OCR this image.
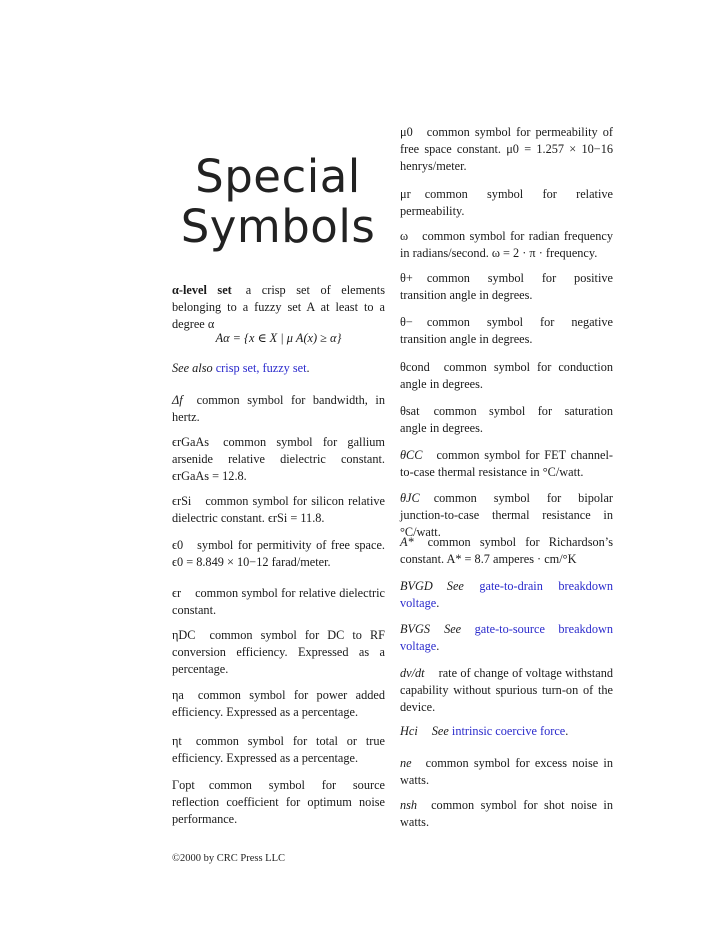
Special
Symbols
α-level set a crisp set of elements belonging to a fuzzy set A at least to a degree α
Aα = {x ∈ X | μ A(x) ≥ α}
See also crisp set, fuzzy set.
Δf common symbol for bandwidth, in hertz.
ϵrGaAs common symbol for gallium arsenide relative dielectric constant. ϵrGaAs = 12.8.
ϵrSi common symbol for silicon relative dielectric constant. ϵrSi = 11.8.
ϵ0 symbol for permitivity of free space. ϵ0 = 8.849 × 10−12 farad/meter.
ϵr common symbol for relative dielectric constant.
ηDC common symbol for DC to RF conversion efficiency. Expressed as a percentage.
ηa common symbol for power added efficiency. Expressed as a percentage.
ηt common symbol for total or true efficiency. Expressed as a percentage.
Γopt common symbol for source reflection coefficient for optimum noise performance.
μ0 common symbol for permeability of free space constant. μ0 = 1.257 × 10−16 henrys/meter.
μr common symbol for relative permeability.
ω common symbol for radian frequency in radians/second. ω = 2 · π · frequency.
θ+ common symbol for positive transition angle in degrees.
θ− common symbol for negative transition angle in degrees.
θcond common symbol for conduction angle in degrees.
θsat common symbol for saturation angle in degrees.
θCC common symbol for FET channel-to-case thermal resistance in °C/watt.
θJC common symbol for bipolar junction-to-case thermal resistance in °C/watt.
A* common symbol for Richardson’s constant. A* = 8.7 amperes · cm/°K
BVGD See gate-to-drain breakdown voltage.
BVGS See gate-to-source breakdown voltage.
dv/dt rate of change of voltage withstand capability without spurious turn-on of the device.
Hci See intrinsic coercive force.
ne common symbol for excess noise in watts.
nsh common symbol for shot noise in watts.
©2000 by CRC Press LLC
